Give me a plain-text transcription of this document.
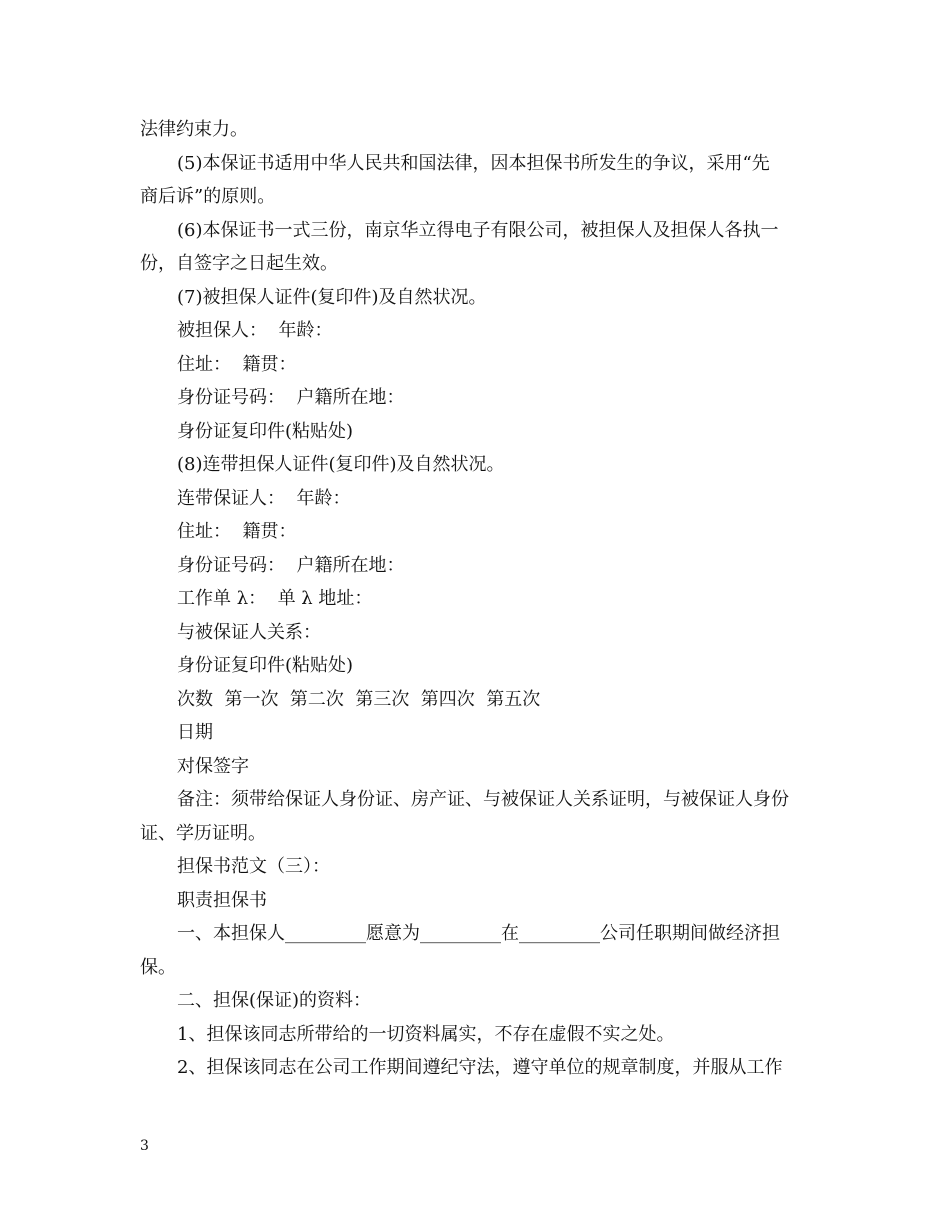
法律约束力。
(5)本保证书适用中华人民共和国法律，因本担保书所发生的争议，采用“先
商后诉”的原则。
(6)本保证书一式三份，南京华立得电子有限公司，被担保人及担保人各执一
份，自签字之日起生效。
(7)被担保人证件(复印件)及自然状况。
被担保人：  年龄：
住址：  籍贯：
身份证号码：  户籍所在地：
身份证复印件(粘贴处)
(8)连带担保人证件(复印件)及自然状况。
连带保证人：  年龄：
住址：  籍贯：
身份证号码：  户籍所在地：
工作单 λ：  单 λ 地址：
与被保证人关系：
身份证复印件(粘贴处)
次数  第一次  第二次  第三次  第四次  第五次
日期
对保签字
备注：须带给保证人身份证、房产证、与被保证人关系证明，与被保证人身份
证、学历证明。
担保书范文（三）：
职责担保书
一、本担保人_________愿意为_________在_________公司任职期间做经济担
保。
二、担保(保证)的资料：
1、担保该同志所带给的一切资料属实，不存在虚假不实之处。
2、担保该同志在公司工作期间遵纪守法，遵守单位的规章制度，并服从工作
3
